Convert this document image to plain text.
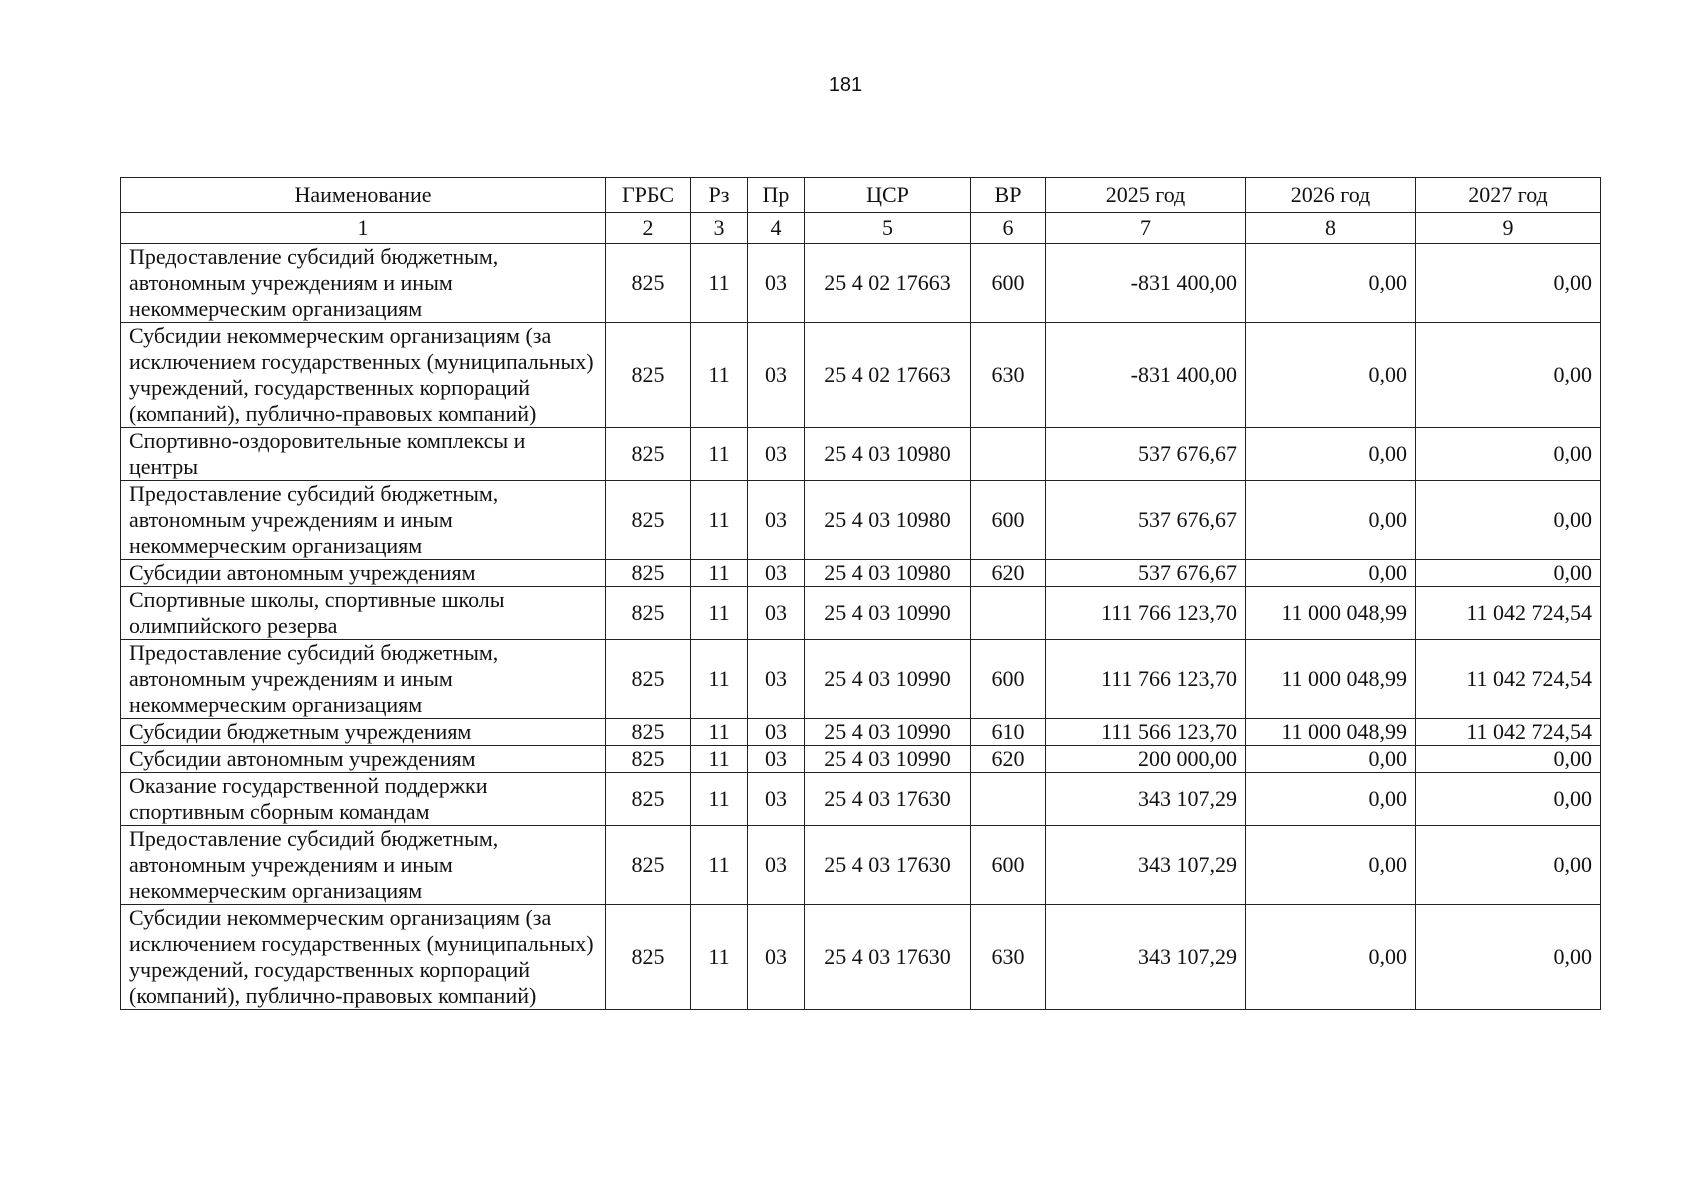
181
Наименование	ГРБС	Рз	Пр	ЦСР	ВР	2025 год	2026 год	2027 год
1	2	3	4	5	6	7	8	9
Предоставление субсидий бюджетным, автономным учреждениям и иным некоммерческим организациям	825	11	03	25 4 02 17663	600	-831 400,00	0,00	0,00
Субсидии некоммерческим организациям (за исключением государственных (муниципальных) учреждений, государственных корпораций (компаний), публично-правовых компаний)	825	11	03	25 4 02 17663	630	-831 400,00	0,00	0,00
Спортивно-оздоровительные комплексы и центры	825	11	03	25 4 03 10980		537 676,67	0,00	0,00
Предоставление субсидий бюджетным, автономным учреждениям и иным некоммерческим организациям	825	11	03	25 4 03 10980	600	537 676,67	0,00	0,00
Субсидии автономным учреждениям	825	11	03	25 4 03 10980	620	537 676,67	0,00	0,00
Спортивные школы, спортивные школы олимпийского резерва	825	11	03	25 4 03 10990		111 766 123,70	11 000 048,99	11 042 724,54
Предоставление субсидий бюджетным, автономным учреждениям и иным некоммерческим организациям	825	11	03	25 4 03 10990	600	111 766 123,70	11 000 048,99	11 042 724,54
Субсидии бюджетным учреждениям	825	11	03	25 4 03 10990	610	111 566 123,70	11 000 048,99	11 042 724,54
Субсидии автономным учреждениям	825	11	03	25 4 03 10990	620	200 000,00	0,00	0,00
Оказание государственной поддержки спортивным сборным командам	825	11	03	25 4 03 17630		343 107,29	0,00	0,00
Предоставление субсидий бюджетным, автономным учреждениям и иным некоммерческим организациям	825	11	03	25 4 03 17630	600	343 107,29	0,00	0,00
Субсидии некоммерческим организациям (за исключением государственных (муниципальных) учреждений, государственных корпораций (компаний), публично-правовых компаний)	825	11	03	25 4 03 17630	630	343 107,29	0,00	0,00
